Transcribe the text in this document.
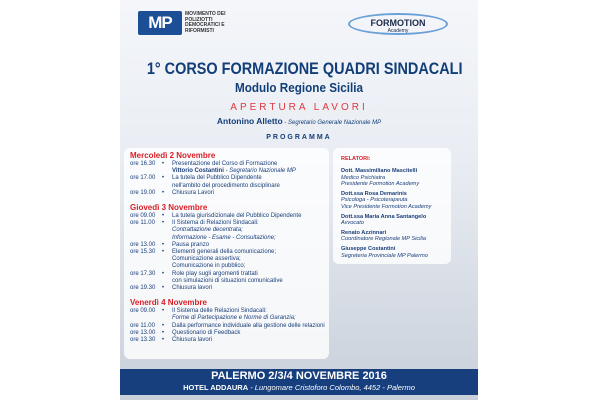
MP	MOVIMENTO DEI POLIZIOTTI DEMOCRATICI E RIFORMISTI
FORMOTION
Academy
1° CORSO FORMAZIONE QUADRI SINDACALI
Modulo Regione Sicilia
APERTURA LAVORI
Antonino Alletto - Segretario Generale Nazionale MP
PROGRAMMA
Mercoledì 2 Novembre
ore 16.30	•	Presentazione del Corso di Formazione
Vittorio Costantini - Segretario Nazionale MP
ore 17.00	•	La tutela del Pubblico Dipendente
nell'ambito del procedimento disciplinare
ore 19.00	•	Chiusura Lavori
Giovedì 3 Novembre
ore 09.00	•	La tutela giurisdizionale del Pubblico Dipendente
ore 11.00	•	Il Sistema di Relazioni Sindacali:
Contrattazione decentrata;
Informazione - Esame - Consultazione;
ore 13.00	•	Pausa pranzo
ore 15.30	•	Elementi generali della comunicazione;
Comunicazione assertiva;
Comunicazione in pubblico;
ore 17.30	•	Role play sugli argomenti trattati
con simulazioni di situazioni comunicative
ore 19.30	•	Chiusura lavori
Venerdì 4 Novembre
ore 09.00	•	Il Sistema delle Relazioni Sindacali:
Forme di Partecipazione e Norme di Garanzia;
ore 11.00	•	Dalla performance individuale alla gestione delle relazioni
ore 13.00	•	Questionario di Feedback
ore 13.30	•	Chiusura lavori
RELATORI:
Dott. Massimiliano Mascitelli
Medico Psichiatra
Presidente Formotion Academy
Dott.ssa Rosa Demarinis
Psicologa - Psicoterapeuta
Vice Presidente Formotion Academy
Dott.ssa Maria Anna Santangelo
Avvocato
Renato Azzinnari
Coordinatore Regionale MP Sicilia
Giuseppe Costantini
Segreteria Provinciale MP Palermo
PALERMO 2/3/4 NOVEMBRE 2016
HOTEL ADDAURA - Lungomare Cristoforo Colombo, 4452 - Palermo
